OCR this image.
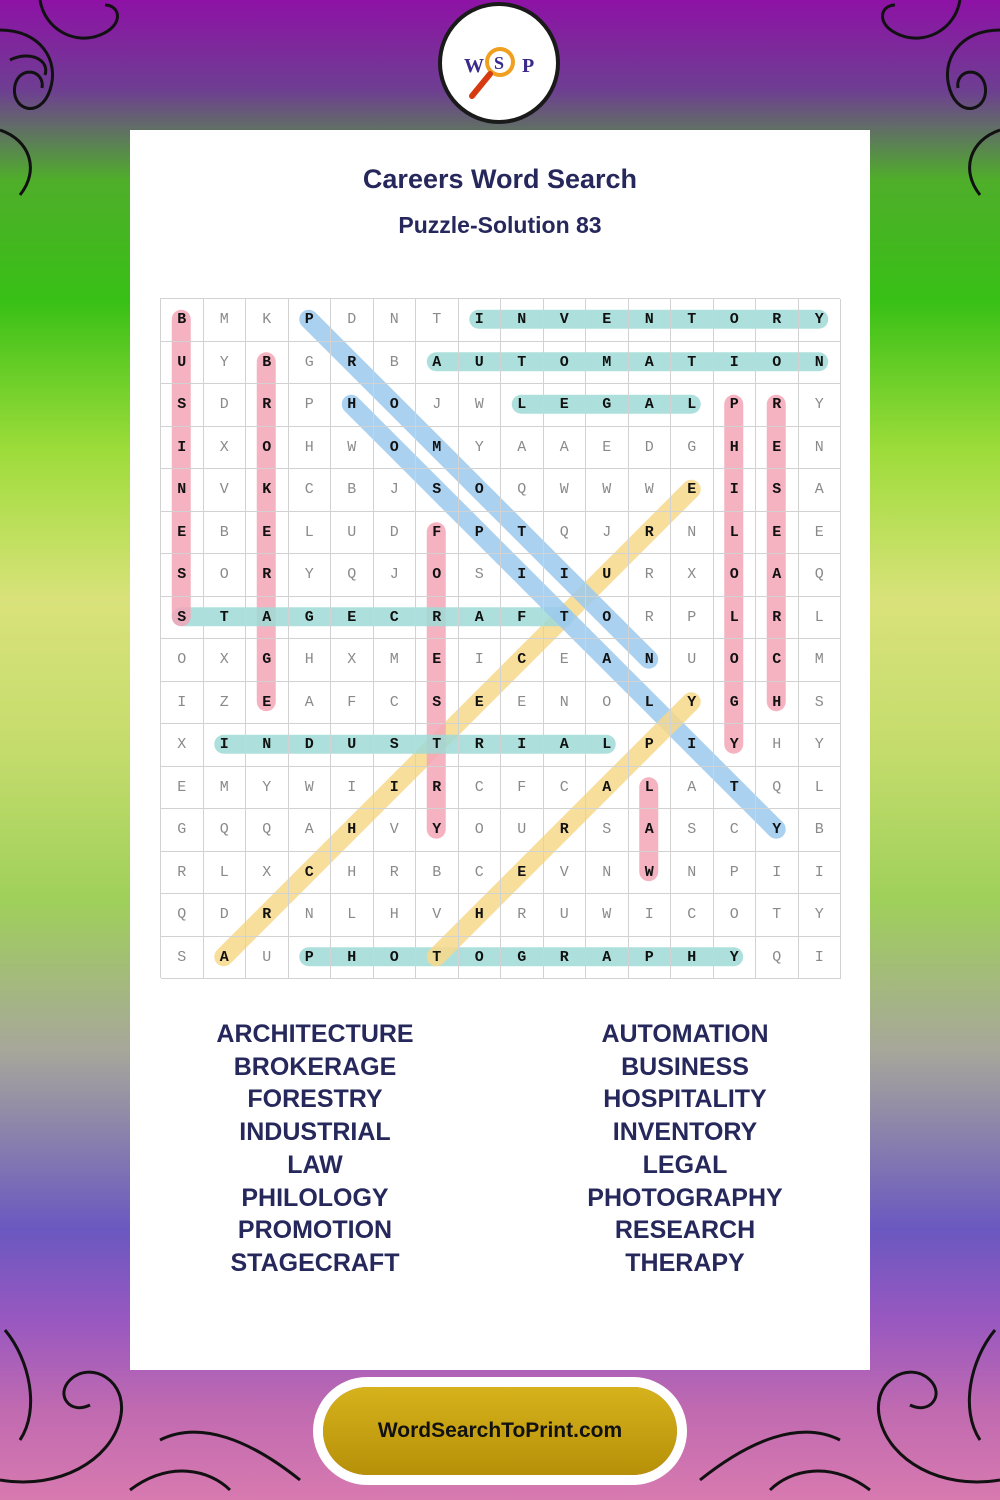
W S P
Careers Word Search
Puzzle-Solution 83
B	M	K	P	D	N	T	I	N	V	E	N	T	O	R	Y
U	Y	B	G	R	B	A	U	T	O	M	A	T	I	O	N
S	D	R	P	H	O	J	W	L	E	G	A	L	P	R	Y
I	X	O	H	W	O	M	Y	A	A	E	D	G	H	E	N
N	V	K	C	B	J	S	O	Q	W	W	W	E	I	S	A
E	B	E	L	U	D	F	P	T	Q	J	R	N	L	E	E
S	O	R	Y	Q	J	O	S	I	I	U	R	X	O	A	Q
S	T	A	G	E	C	R	A	F	T	O	R	P	L	R	L
O	X	G	H	X	M	E	I	C	E	A	N	U	O	C	M
I	Z	E	A	F	C	S	E	E	N	O	L	Y	G	H	S
X	I	N	D	U	S	T	R	I	A	L	P	I	Y	H	Y
E	M	Y	W	I	I	R	C	F	C	A	L	A	T	Q	L
G	Q	Q	A	H	V	Y	O	U	R	S	A	S	C	Y	B
R	L	X	C	H	R	B	C	E	V	N	W	N	P	I	I
Q	D	R	N	L	H	V	H	R	U	W	I	C	O	T	Y
S	A	U	P	H	O	T	O	G	R	A	P	H	Y	Q	I
ARCHITECTURE
BROKERAGE
FORESTRY
INDUSTRIAL
LAW
PHILOLOGY
PROMOTION
STAGECRAFT
AUTOMATION
BUSINESS
HOSPITALITY
INVENTORY
LEGAL
PHOTOGRAPHY
RESEARCH
THERAPY
WordSearchToPrint.com
